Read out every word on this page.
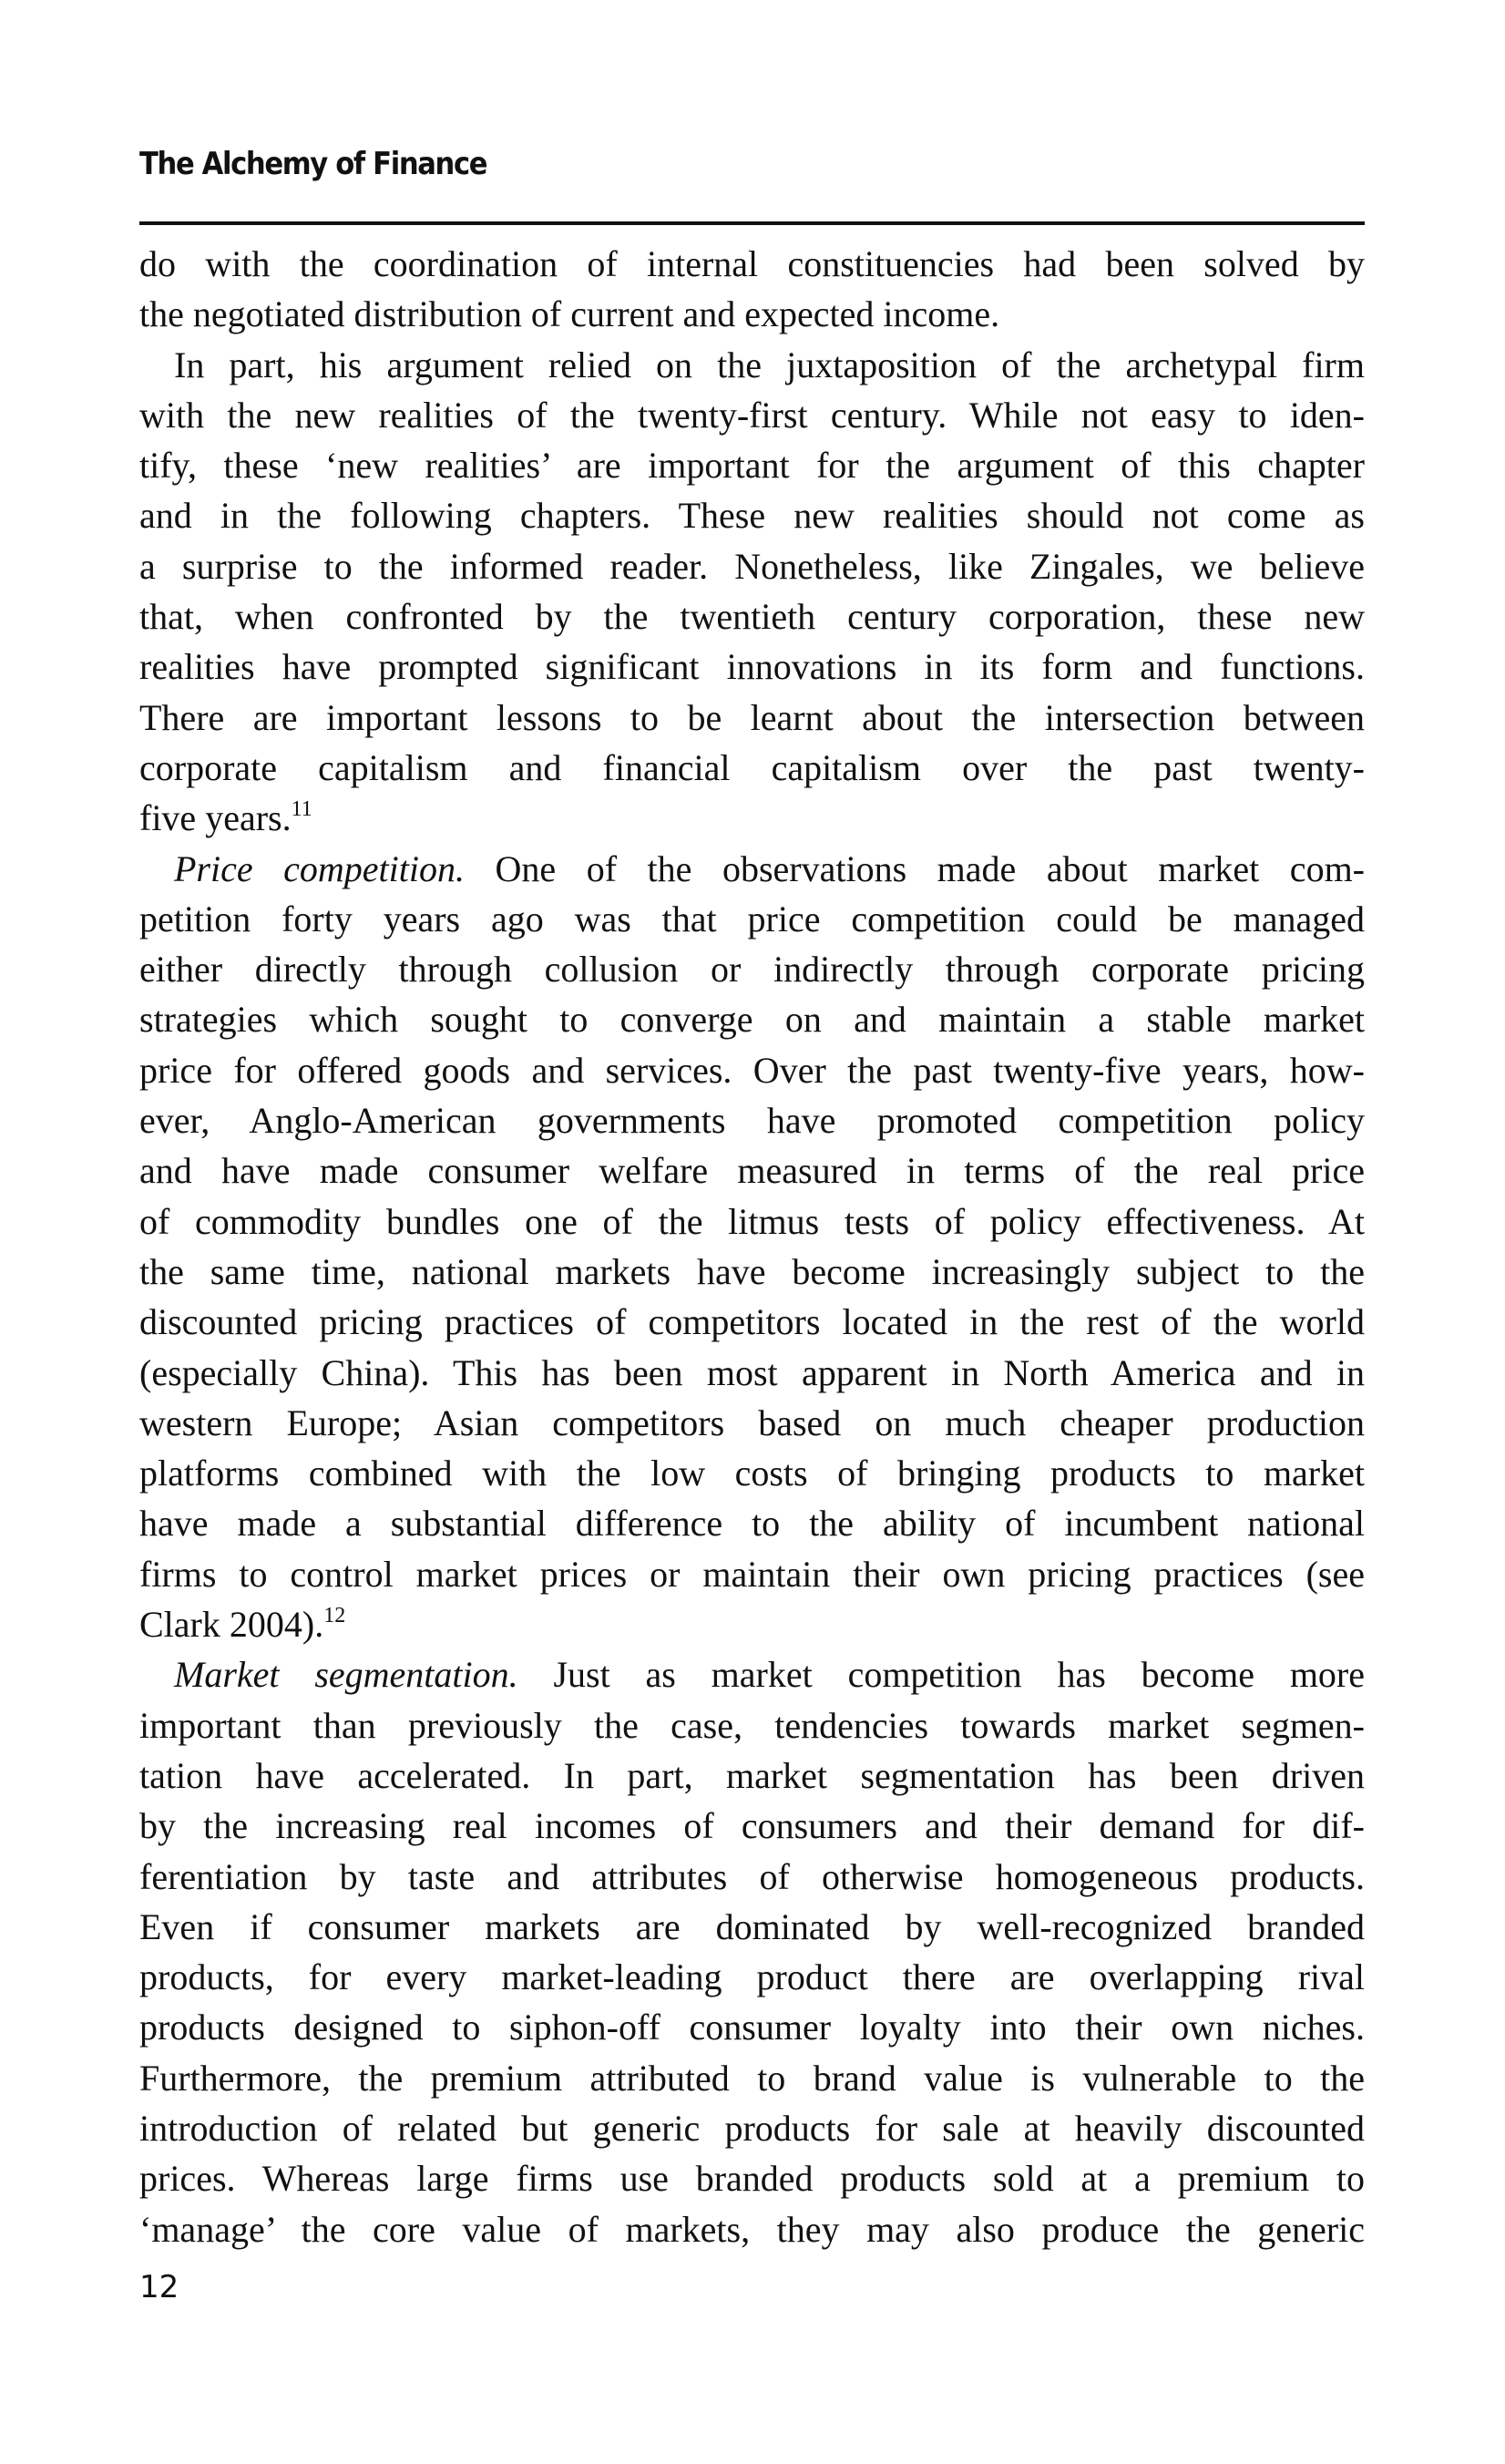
The Alchemy of Finance
do with the coordination of internal constituencies had been solved by
the negotiated distribution of current and expected income.
In part, his argument relied on the juxtaposition of the archetypal firm
with the new realities of the twenty-first century. While not easy to iden-
tify, these ‘new realities’ are important for the argument of this chapter
and in the following chapters. These new realities should not come as
a surprise to the informed reader. Nonetheless, like Zingales, we believe
that, when confronted by the twentieth century corporation, these new
realities have prompted significant innovations in its form and functions.
There are important lessons to be learnt about the intersection between
corporate capitalism and financial capitalism over the past twenty-
five years.$^{11}$
Price competition. One of the observations made about market com-
petition forty years ago was that price competition could be managed
either directly through collusion or indirectly through corporate pricing
strategies which sought to converge on and maintain a stable market
price for offered goods and services. Over the past twenty-five years, how-
ever, Anglo-American governments have promoted competition policy
and have made consumer welfare measured in terms of the real price
of commodity bundles one of the litmus tests of policy effectiveness. At
the same time, national markets have become increasingly subject to the
discounted pricing practices of competitors located in the rest of the world
(especially China). This has been most apparent in North America and in
western Europe; Asian competitors based on much cheaper production
platforms combined with the low costs of bringing products to market
have made a substantial difference to the ability of incumbent national
firms to control market prices or maintain their own pricing practices (see
Clark 2004).$^{12}$
Market segmentation. Just as market competition has become more
important than previously the case, tendencies towards market segmen-
tation have accelerated. In part, market segmentation has been driven
by the increasing real incomes of consumers and their demand for dif-
ferentiation by taste and attributes of otherwise homogeneous products.
Even if consumer markets are dominated by well-recognized branded
products, for every market-leading product there are overlapping rival
products designed to siphon-off consumer loyalty into their own niches.
Furthermore, the premium attributed to brand value is vulnerable to the
introduction of related but generic products for sale at heavily discounted
prices. Whereas large firms use branded products sold at a premium to
‘manage’ the core value of markets, they may also produce the generic
12
